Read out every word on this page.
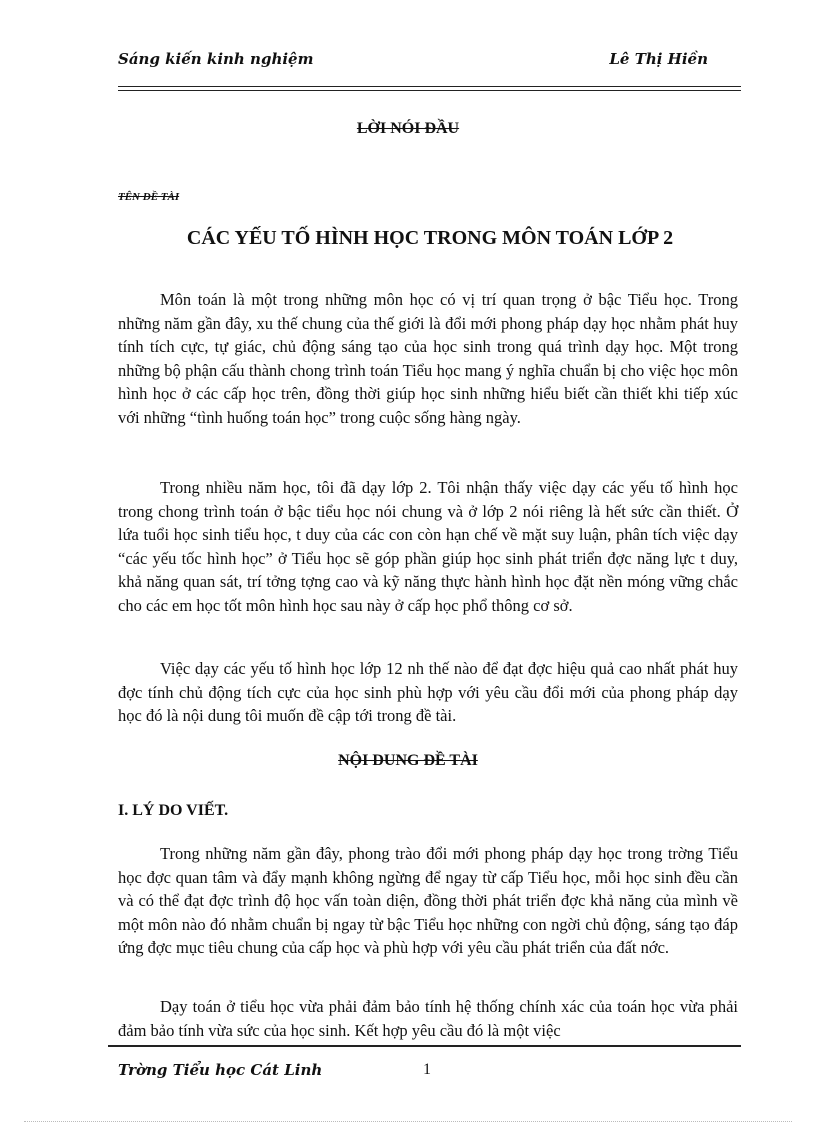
Sáng kiến kinh nghiệm	Lê Thị Hiền
LỜI NÓI ĐẦU
TÊN ĐỀ TÀI
CÁC YẾU TỐ HÌNH HỌC TRONG MÔN TOÁN LỚP 2

Môn toán là một trong những môn học có vị trí quan trọng ở bậc Tiểu học. Trong những năm gần đây, xu thế chung của thế giới là đổi mới phong pháp dạy học nhằm phát huy tính tích cực, tự giác, chủ động sáng tạo của học sinh trong quá trình dạy học. Một trong những bộ phận cấu thành chong trình toán Tiểu học mang ý nghĩa chuẩn bị cho việc học môn hình học ở các cấp học trên, đồng thời giúp học sinh những hiểu biết cần thiết khi tiếp xúc với những “tình huống toán học” trong cuộc sống hàng ngày.

Trong nhiều năm học, tôi đã dạy lớp 2. Tôi nhận thấy việc dạy các yếu tố hình học trong chong trình toán ở bậc tiểu học nói chung và ở lớp 2 nói riêng là hết sức cần thiết. Ở lứa tuổi học sinh tiểu học, t duy của các con còn hạn chế về mặt suy luận, phân tích việc dạy “các yếu tốc hình học” ở Tiểu học sẽ góp phần giúp học sinh phát triển đợc năng lực t duy, khả năng quan sát, trí tởng tợng cao và kỹ năng thực hành hình học đặt nền móng vững chắc cho các em học tốt môn hình học sau này ở cấp học phổ thông cơ sở.

Việc dạy các yếu tố hình học lớp 12 nh thế nào để đạt đợc hiệu quả cao nhất phát huy đợc tính chủ động tích cực của học sinh phù hợp với yêu cầu đổi mới của phong pháp dạy học đó là nội dung tôi muốn đề cập tới trong đề tài.

NỘI DUNG ĐỀ TÀI
I. LÝ DO VIẾT.

Trong những năm gần đây, phong trào đổi mới phong pháp dạy học trong trờng Tiểu học đợc quan tâm và đẩy mạnh không ngừng để ngay từ cấp Tiểu học, mỗi học sinh đều cần và có thể đạt đợc trình độ học vấn toàn diện, đồng thời phát triển đợc khả năng của mình về một môn nào đó nhằm chuẩn bị ngay từ bậc Tiểu học những con ngời chủ động, sáng tạo đáp ứng đợc mục tiêu chung của cấp học và phù hợp với yêu cầu phát triển của đất nớc.

Dạy toán ở tiểu học vừa phải đảm bảo tính hệ thống chính xác của toán học vừa phải đảm bảo tính vừa sức của học sinh. Kết hợp yêu cầu đó là một việc

Trờng Tiểu học Cát Linh	1
